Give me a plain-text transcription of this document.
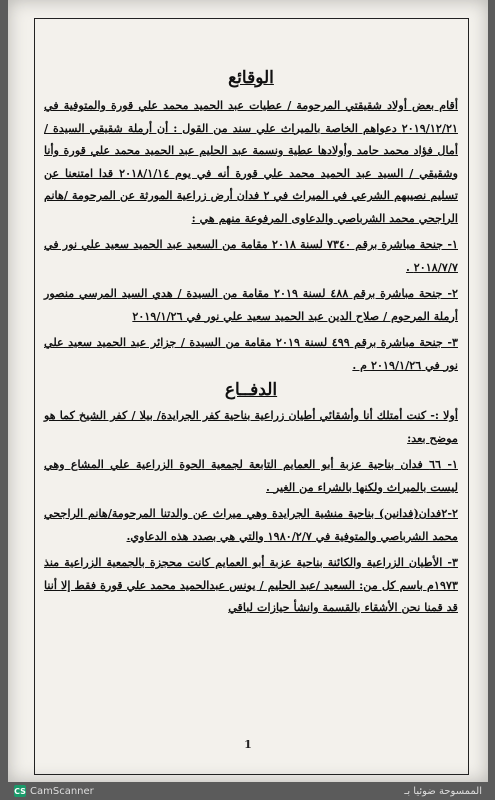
الوقائع

أقام بعض أولاد شقيقتي المرحومة / عطيات عبد الحميد محمد علي قورة والمتوفية في ٢٠١٩/١٢/٢١ دعواهم الخاصة بالميراث علي سند من القول : أن أرملة شقيقي السيدة / أمال فؤاد محمد حامد وأولادها عطية ونسمة عبد الحليم عبد الحميد محمد علي قورة وأنا وشقيقي / السيد عبد الحميد محمد علي قورة أنه في يوم ٢٠١٨/١/١٤ قدا امتنعنا عن تسليم نصيبهم الشرعي في الميراث في ٢ فدان أرض زراعية المورثة عن المرحومة /هانم الراجحي محمد الشرباصي والدعاوى المرفوعة منهم هي :

١- جنحة مباشرة برقم ٧٣٤٠ لسنة ٢٠١٨ مقامة من السعيد عبد الحميد سعيد علي نور في ٢٠١٨/٧/٧ .

٢- جنحة مباشرة برقم ٤٨٨ لسنة ٢٠١٩ مقامة من السيدة / هدي السيد المرسي منصور أرملة المرحوم / صلاح الدين عبد الحميد سعيد علي نور في ٢٠١٩/١/٢٦

٣- جنحة مباشرة برقم ٤٩٩ لسنة ٢٠١٩ مقامة من السيدة / جزائر عبد الحميد سعيد علي نور في ٢٠١٩/١/٢٦ م .

الدفــاع

أولا :- كنت أمتلك أنا وأشقائي أطيان زراعية بناحية كفر الجرايدة/ بيلا / كفر الشيخ كما هو موضح بعد:

١- ٦٦ فدان بناحية عزبة أبو العمايم التابعة لجمعية الحوة الزراعية علي المشاع وهي ليست بالميراث ولكنها بالشراء من الغير .

٢-٢فدان(فدانين) بناحية منشية الجرايدة وهي ميراث عن والدتنا المرحومة/هانم الراجحي محمد الشرباصي والمتوفية في ١٩٨٠/٢/٧ والتي هي بصدد هذه الدعاوي.

٣- الأطيان الزراعية والكائنة بناحية عزبة أبو العمايم كانت محجزة بالجمعية الزراعية منذ ١٩٧٣م باسم كل من: السعيد /عبد الحليم / يونس عبدالحميد محمد علي قورة فقط إلا أننا قد قمنا نحن الأشقاء بالقسمة وانشأ حيازات لباقي

1
CS CamScanner	الممسوحة ضوئيا بـ
